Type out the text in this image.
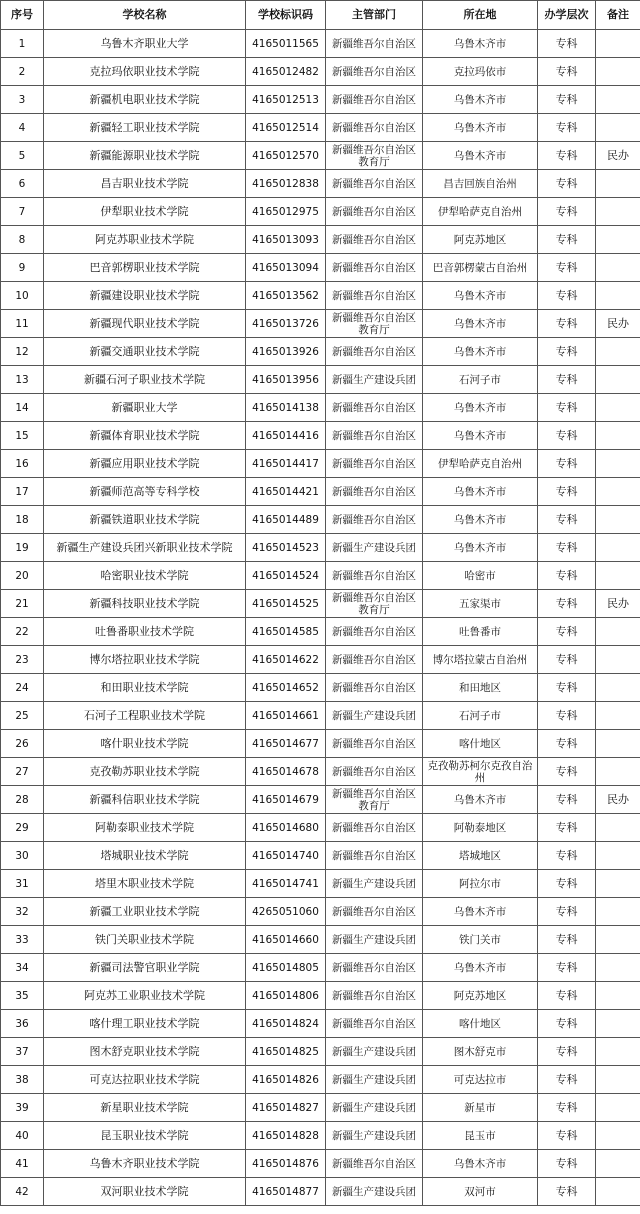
序号	学校名称	学校标识码	主管部门	所在地	办学层次	备注
1	乌鲁木齐职业大学	4165011565	新疆维吾尔自治区	乌鲁木齐市	专科	
2	克拉玛依职业技术学院	4165012482	新疆维吾尔自治区	克拉玛依市	专科	
3	新疆机电职业技术学院	4165012513	新疆维吾尔自治区	乌鲁木齐市	专科	
4	新疆轻工职业技术学院	4165012514	新疆维吾尔自治区	乌鲁木齐市	专科	
5	新疆能源职业技术学院	4165012570	新疆维吾尔自治区教育厅	乌鲁木齐市	专科	民办
6	昌吉职业技术学院	4165012838	新疆维吾尔自治区	昌吉回族自治州	专科	
7	伊犁职业技术学院	4165012975	新疆维吾尔自治区	伊犁哈萨克自治州	专科	
8	阿克苏职业技术学院	4165013093	新疆维吾尔自治区	阿克苏地区	专科	
9	巴音郭楞职业技术学院	4165013094	新疆维吾尔自治区	巴音郭楞蒙古自治州	专科	
10	新疆建设职业技术学院	4165013562	新疆维吾尔自治区	乌鲁木齐市	专科	
11	新疆现代职业技术学院	4165013726	新疆维吾尔自治区教育厅	乌鲁木齐市	专科	民办
12	新疆交通职业技术学院	4165013926	新疆维吾尔自治区	乌鲁木齐市	专科	
13	新疆石河子职业技术学院	4165013956	新疆生产建设兵团	石河子市	专科	
14	新疆职业大学	4165014138	新疆维吾尔自治区	乌鲁木齐市	专科	
15	新疆体育职业技术学院	4165014416	新疆维吾尔自治区	乌鲁木齐市	专科	
16	新疆应用职业技术学院	4165014417	新疆维吾尔自治区	伊犁哈萨克自治州	专科	
17	新疆师范高等专科学校	4165014421	新疆维吾尔自治区	乌鲁木齐市	专科	
18	新疆铁道职业技术学院	4165014489	新疆维吾尔自治区	乌鲁木齐市	专科	
19	新疆生产建设兵团兴新职业技术学院	4165014523	新疆生产建设兵团	乌鲁木齐市	专科	
20	哈密职业技术学院	4165014524	新疆维吾尔自治区	哈密市	专科	
21	新疆科技职业技术学院	4165014525	新疆维吾尔自治区教育厅	五家渠市	专科	民办
22	吐鲁番职业技术学院	4165014585	新疆维吾尔自治区	吐鲁番市	专科	
23	博尔塔拉职业技术学院	4165014622	新疆维吾尔自治区	博尔塔拉蒙古自治州	专科	
24	和田职业技术学院	4165014652	新疆维吾尔自治区	和田地区	专科	
25	石河子工程职业技术学院	4165014661	新疆生产建设兵团	石河子市	专科	
26	喀什职业技术学院	4165014677	新疆维吾尔自治区	喀什地区	专科	
27	克孜勒苏职业技术学院	4165014678	新疆维吾尔自治区	克孜勒苏柯尔克孜自治州	专科	
28	新疆科信职业技术学院	4165014679	新疆维吾尔自治区教育厅	乌鲁木齐市	专科	民办
29	阿勒泰职业技术学院	4165014680	新疆维吾尔自治区	阿勒泰地区	专科	
30	塔城职业技术学院	4165014740	新疆维吾尔自治区	塔城地区	专科	
31	塔里木职业技术学院	4165014741	新疆生产建设兵团	阿拉尔市	专科	
32	新疆工业职业技术学院	4265051060	新疆维吾尔自治区	乌鲁木齐市	专科	
33	铁门关职业技术学院	4165014660	新疆生产建设兵团	铁门关市	专科	
34	新疆司法警官职业学院	4165014805	新疆维吾尔自治区	乌鲁木齐市	专科	
35	阿克苏工业职业技术学院	4165014806	新疆维吾尔自治区	阿克苏地区	专科	
36	喀什理工职业技术学院	4165014824	新疆维吾尔自治区	喀什地区	专科	
37	图木舒克职业技术学院	4165014825	新疆生产建设兵团	图木舒克市	专科	
38	可克达拉职业技术学院	4165014826	新疆生产建设兵团	可克达拉市	专科	
39	新星职业技术学院	4165014827	新疆生产建设兵团	新星市	专科	
40	昆玉职业技术学院	4165014828	新疆生产建设兵团	昆玉市	专科	
41	乌鲁木齐职业技术学院	4165014876	新疆维吾尔自治区	乌鲁木齐市	专科	
42	双河职业技术学院	4165014877	新疆生产建设兵团	双河市	专科	
